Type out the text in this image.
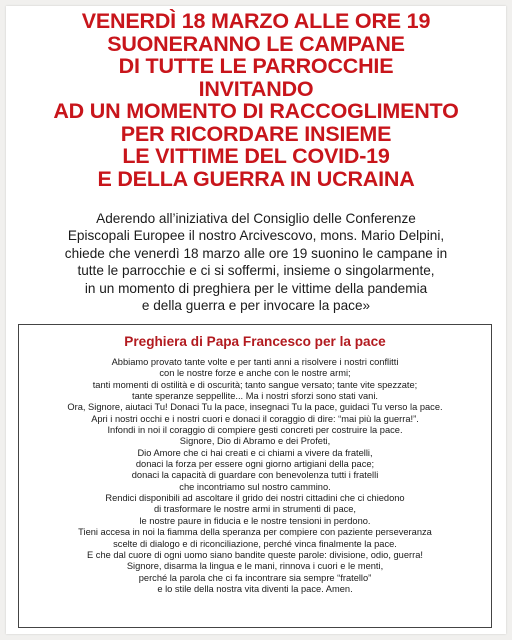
VENERDÌ 18 MARZO ALLE ORE 19
SUONERANNO LE CAMPANE
DI TUTTE LE PARROCCHIE
INVITANDO
AD UN MOMENTO DI RACCOGLIMENTO
PER RICORDARE INSIEME
LE VITTIME DEL COVID-19
E DELLA GUERRA IN UCRAINA
Aderendo all’iniziativa del Consiglio delle Conferenze
Episcopali Europee il nostro Arcivescovo, mons. Mario Delpini,
chiede che venerdì 18 marzo alle ore 19 suonino le campane in
tutte le parrocchie e ci si soffermi, insieme o singolarmente,
in un momento di preghiera per le vittime della pandemia
e della guerra e per invocare la pace»
Preghiera di Papa Francesco per la pace
Abbiamo provato tante volte e per tanti anni a risolvere i nostri conflitti
con le nostre forze e anche con le nostre armi;
tanti momenti di ostilità e di oscurità; tanto sangue versato; tante vite spezzate;
tante speranze seppellite... Ma i nostri sforzi sono stati vani.
Ora, Signore, aiutaci Tu! Donaci Tu la pace, insegnaci Tu la pace, guidaci Tu verso la pace.
Apri i nostri occhi e i nostri cuori e donaci il coraggio di dire: “mai più la guerra!”.
Infondi in noi il coraggio di compiere gesti concreti per costruire la pace.
Signore, Dio di Abramo e dei Profeti,
Dio Amore che ci hai creati e ci chiami a vivere da fratelli,
donaci la forza per essere ogni giorno artigiani della pace;
donaci la capacità di guardare con benevolenza tutti i fratelli
che incontriamo sul nostro cammino.
Rendici disponibili ad ascoltare il grido dei nostri cittadini che ci chiedono
di trasformare le nostre armi in strumenti di pace,
le nostre paure in fiducia e le nostre tensioni in perdono.
Tieni accesa in noi la fiamma della speranza per compiere con paziente perseveranza
scelte di dialogo e di riconciliazione, perché vinca finalmente la pace.
E che dal cuore di ogni uomo siano bandite queste parole: divisione, odio, guerra!
Signore, disarma la lingua e le mani, rinnova i cuori e le menti,
perché la parola che ci fa incontrare sia sempre “fratello”
e lo stile della nostra vita diventi la pace. Amen.
